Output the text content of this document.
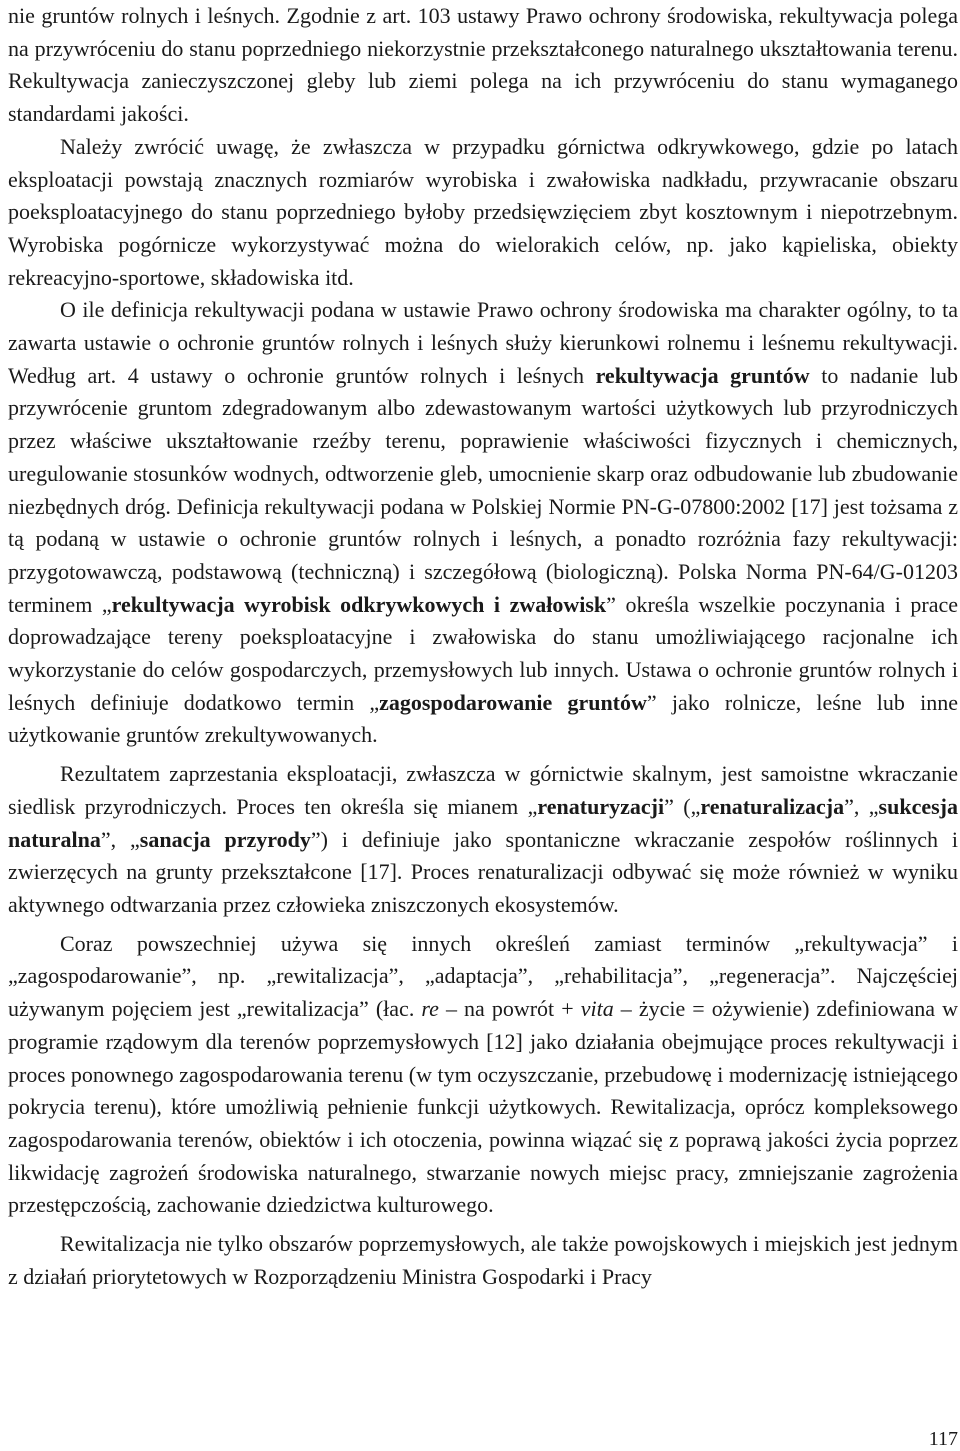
nie gruntów rolnych i leśnych. Zgodnie z art. 103 ustawy Prawo ochrony środowiska, rekultywacja polega na przywróceniu do stanu poprzedniego niekorzystnie przekształconego naturalnego ukształtowania terenu. Rekultywacja zanieczyszczonej gleby lub ziemi polega na ich przywróceniu do stanu wymaganego standardami jakości.

Należy zwrócić uwagę, że zwłaszcza w przypadku górnictwa odkrywkowego, gdzie po latach eksploatacji powstają znacznych rozmiarów wyrobiska i zwałowiska nadkładu, przywracanie obszaru poeksploatacyjnego do stanu poprzedniego byłoby przedsięwzięciem zbyt kosztownym i niepotrzebnym. Wyrobiska pogórnicze wykorzystywać można do wielorakich celów, np. jako kąpieliska, obiekty rekreacyjno-sportowe, składowiska itd.

O ile definicja rekultywacji podana w ustawie Prawo ochrony środowiska ma charakter ogólny, to ta zawarta ustawie o ochronie gruntów rolnych i leśnych służy kierunkowi rolnemu i leśnemu rekultywacji. Według art. 4 ustawy o ochronie gruntów rolnych i leśnych rekultywacja gruntów to nadanie lub przywrócenie gruntom zdegradowanym albo zdewastowanym wartości użytkowych lub przyrodniczych przez właściwe ukształtowanie rzeźby terenu, poprawienie właściwości fizycznych i chemicznych, uregulowanie stosunków wodnych, odtworzenie gleb, umocnienie skarp oraz odbudowanie lub zbudowanie niezbędnych dróg. Definicja rekultywacji podana w Polskiej Normie PN-G-07800:2002 [17] jest tożsama z tą podaną w ustawie o ochronie gruntów rolnych i leśnych, a ponadto rozróżnia fazy rekultywacji: przygotowawczą, podstawową (techniczną) i szczegółową (biologiczną). Polska Norma PN-64/G-01203 terminem „rekultywacja wyrobisk odkrywkowych i zwałowisk” określa wszelkie poczynania i prace doprowadzające tereny poeksploatacyjne i zwałowiska do stanu umożliwiającego racjonalne ich wykorzystanie do celów gospodarczych, przemysłowych lub innych. Ustawa o ochronie gruntów rolnych i leśnych definiuje dodatkowo termin „zagospodarowanie gruntów” jako rolnicze, leśne lub inne użytkowanie gruntów zrekultywowanych.

Rezultatem zaprzestania eksploatacji, zwłaszcza w górnictwie skalnym, jest samoistne wkraczanie siedlisk przyrodniczych. Proces ten określa się mianem „renaturyzacji” („renaturalizacja”, „sukcesja naturalna”, „sanacja przyrody”) i definiuje jako spontaniczne wkraczanie zespołów roślinnych i zwierzęcych na grunty przekształcone [17]. Proces renaturalizacji odbywać się może również w wyniku aktywnego odtwarzania przez człowieka zniszczonych ekosystemów.

Coraz powszechniej używa się innych określeń zamiast terminów „rekultywacja” i „zagospodarowanie”, np. „rewitalizacja”, „adaptacja”, „rehabilitacja”, „regeneracja”. Najczęściej używanym pojęciem jest „rewitalizacja” (łac. re – na powrót + vita – życie = ożywienie) zdefiniowana w programie rządowym dla terenów poprzemysłowych [12] jako działania obejmujące proces rekultywacji i proces ponownego zagospodarowania terenu (w tym oczyszczanie, przebudowę i modernizację istniejącego pokrycia terenu), które umożliwią pełnienie funkcji użytkowych. Rewitalizacja, oprócz kompleksowego zagospodarowania terenów, obiektów i ich otoczenia, powinna wiązać się z poprawą jakości życia poprzez likwidację zagrożeń środowiska naturalnego, stwarzanie nowych miejsc pracy, zmniejszanie zagrożenia przestępczością, zachowanie dziedzictwa kulturowego.

Rewitalizacja nie tylko obszarów poprzemysłowych, ale także powojskowych i miejskich jest jednym z działań priorytetowych w Rozporządzeniu Ministra Gospodarki i Pracy

117
